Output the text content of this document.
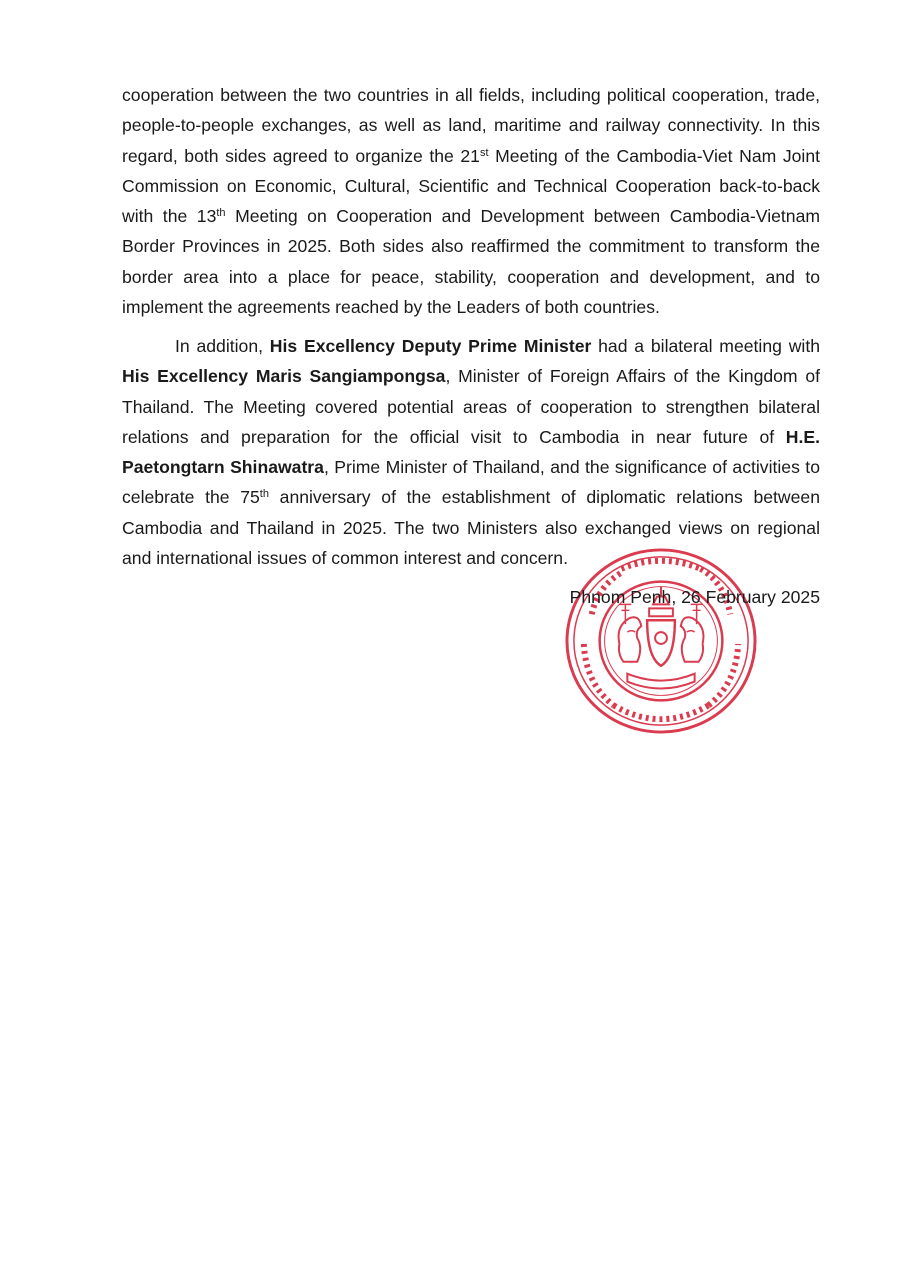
cooperation between the two countries in all fields, including political cooperation, trade, people-to-people exchanges, as well as land, maritime and railway connectivity. In this regard, both sides agreed to organize the 21st Meeting of the Cambodia-Viet Nam Joint Commission on Economic, Cultural, Scientific and Technical Cooperation back-to-back with the 13th Meeting on Cooperation and Development between Cambodia-Vietnam Border Provinces in 2025. Both sides also reaffirmed the commitment to transform the border area into a place for peace, stability, cooperation and development, and to implement the agreements reached by the Leaders of both countries.

In addition, His Excellency Deputy Prime Minister had a bilateral meeting with His Excellency Maris Sangiampongsa, Minister of Foreign Affairs of the Kingdom of Thailand. The Meeting covered potential areas of cooperation to strengthen bilateral relations and preparation for the official visit to Cambodia in near future of H.E. Paetongtarn Shinawatra, Prime Minister of Thailand, and the significance of activities to celebrate the 75th anniversary of the establishment of diplomatic relations between Cambodia and Thailand in 2025. The two Ministers also exchanged views on regional and international issues of common interest and concern.

Phnom Penh, 26 February 2025
